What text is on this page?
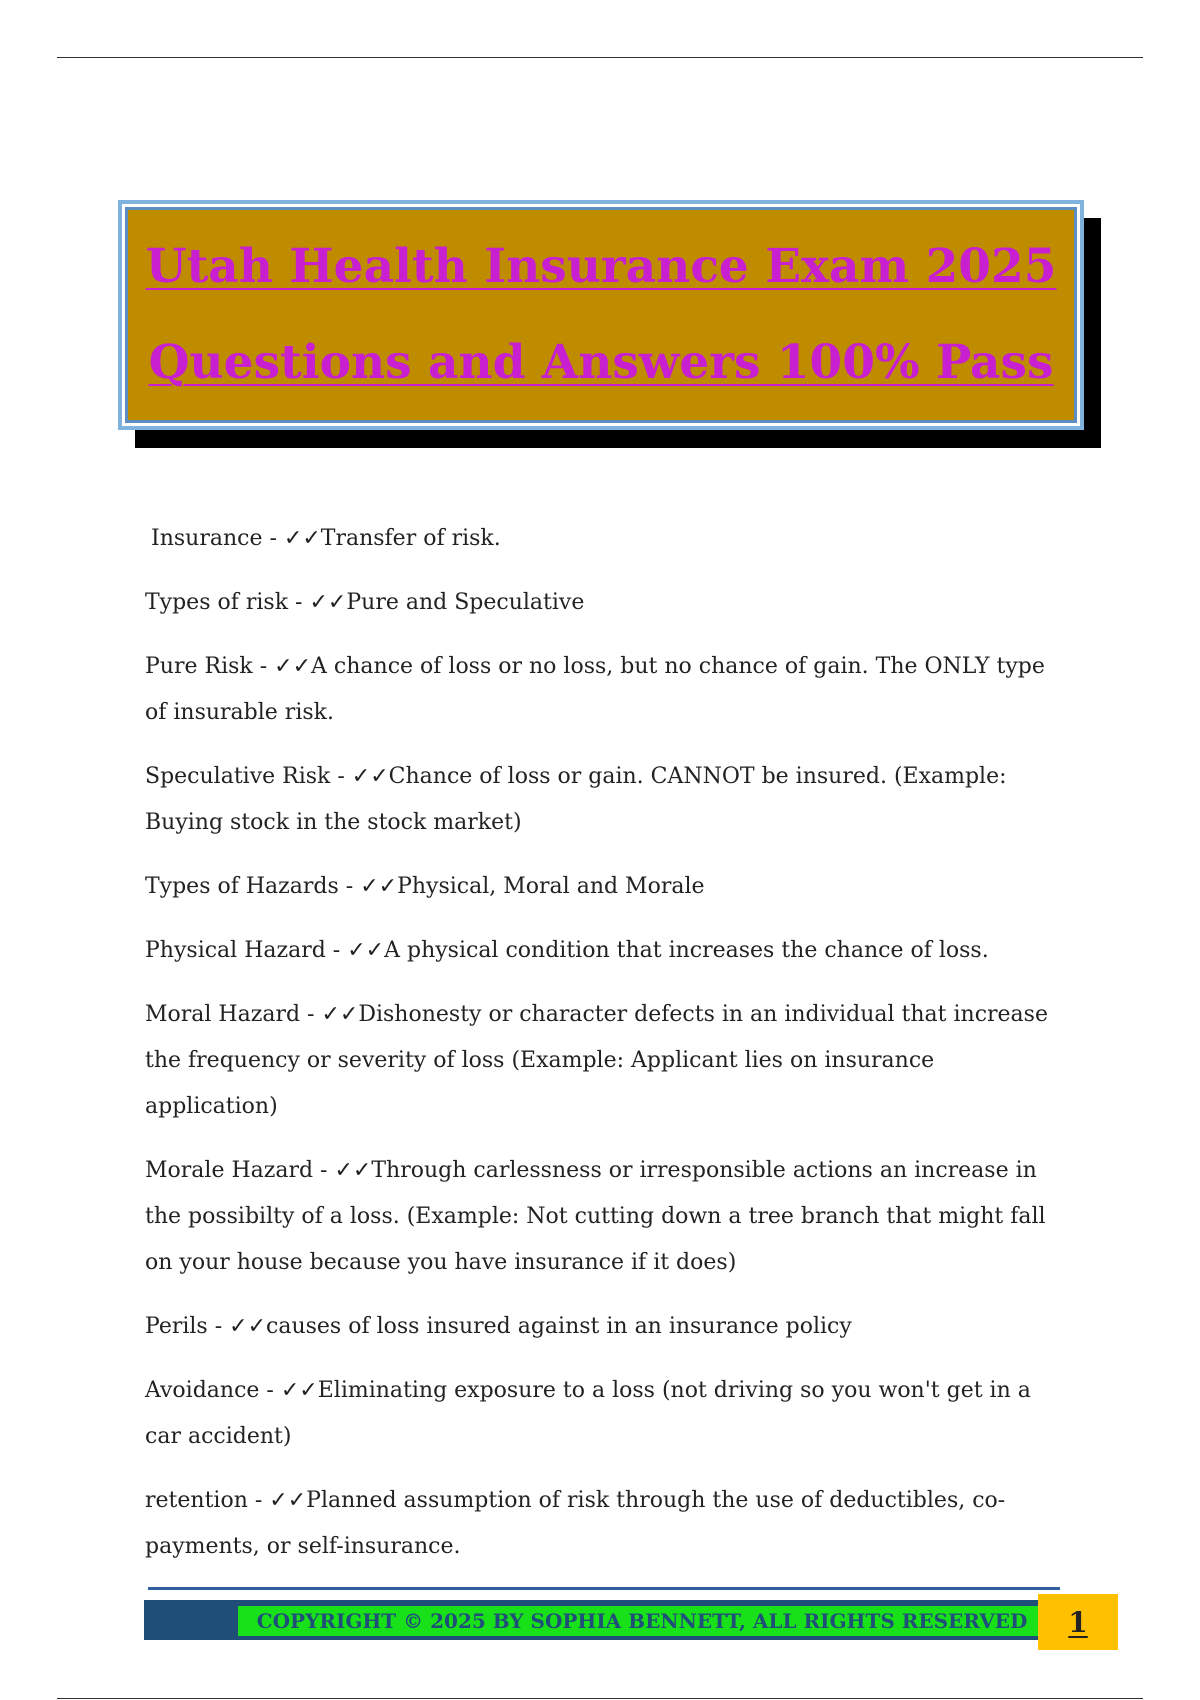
Utah Health Insurance Exam 2025
Questions and Answers 100% Pass

Insurance - ✓✓Transfer of risk.

Types of risk - ✓✓Pure and Speculative

Pure Risk - ✓✓A chance of loss or no loss, but no chance of gain. The ONLY type of insurable risk.

Speculative Risk - ✓✓Chance of loss or gain. CANNOT be insured. (Example: Buying stock in the stock market)

Types of Hazards - ✓✓Physical, Moral and Morale

Physical Hazard - ✓✓A physical condition that increases the chance of loss.

Moral Hazard - ✓✓Dishonesty or character defects in an individual that increase the frequency or severity of loss (Example: Applicant lies on insurance application)

Morale Hazard - ✓✓Through carlessness or irresponsible actions an increase in the possibilty of a loss. (Example: Not cutting down a tree branch that might fall on your house because you have insurance if it does)

Perils - ✓✓causes of loss insured against in an insurance policy

Avoidance - ✓✓Eliminating exposure to a loss (not driving so you won't get in a car accident)

retention - ✓✓Planned assumption of risk through the use of deductibles, co-payments, or self-insurance.

COPYRIGHT © 2025 BY SOPHIA BENNETT, ALL RIGHTS RESERVED 1
